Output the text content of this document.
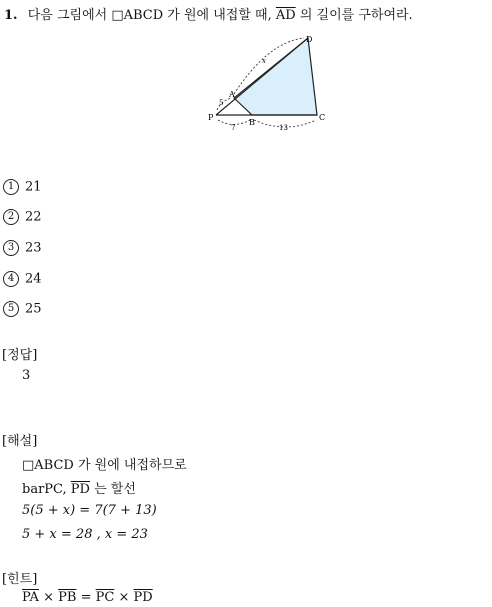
1. 다음 그림에서 □ABCD 가 원에 내접할 때, $\overline{AD}$ 의 길이를 구하여라.
D
A
P
B
C
x
5
7	13
1 21
2 22
3 23
4 24
5 25
[정답]
3
[해설]
□ABCD 가 원에 내접하므로
barPC, $\overline{PD}$ 는 할선
5(5 + x) = 7(7 + 13)
5 + x = 28 , x = 23
[힌트]
$\overline{PA} \times \overline{PB} = \overline{PC} \times \overline{PD}$
